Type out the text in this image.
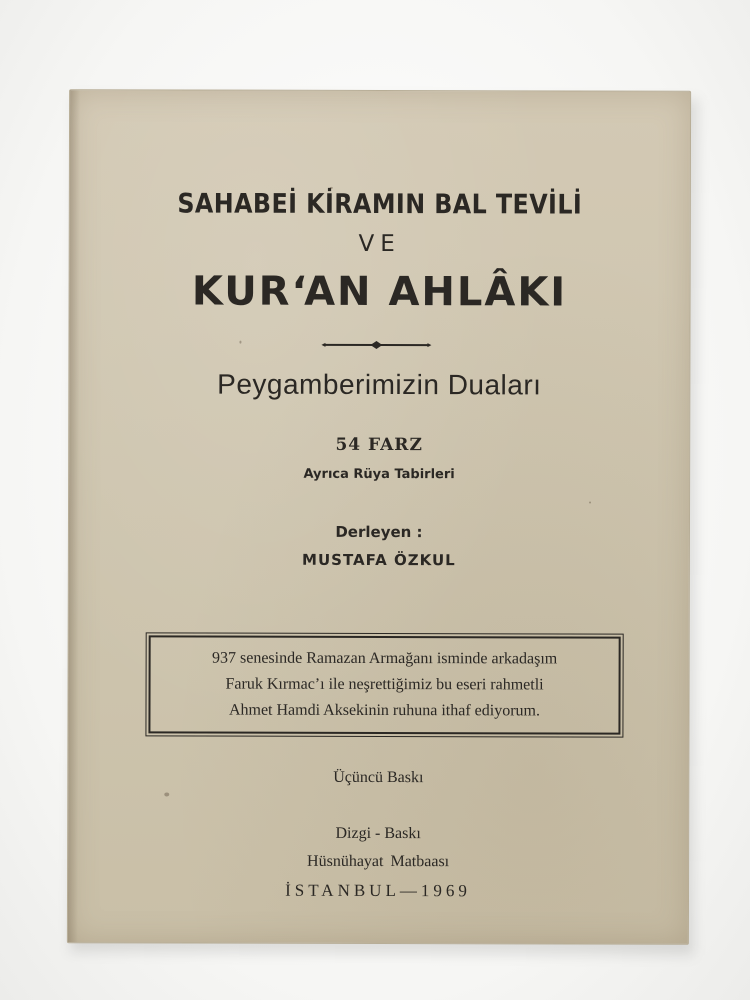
SAHABEİ KİRAMIN BAL TEVİLİ
VE
KUR‘AN AHLÂKI
Peygamberimizin Duaları
54 FARZ
Ayrıca Rüya Tabirleri
Derleyen :
MUSTAFA ÖZKUL
937 senesinde Ramazan Armağanı isminde arkadaşım
Faruk Kırmac’ı ile neşrettiğimiz bu eseri rahmetli
Ahmet Hamdi Aksekinin ruhuna ithaf ediyorum.
Üçüncü Baskı
Dizgi - Baskı
Hüsnühayat Matbaası
İSTANBUL—1969
